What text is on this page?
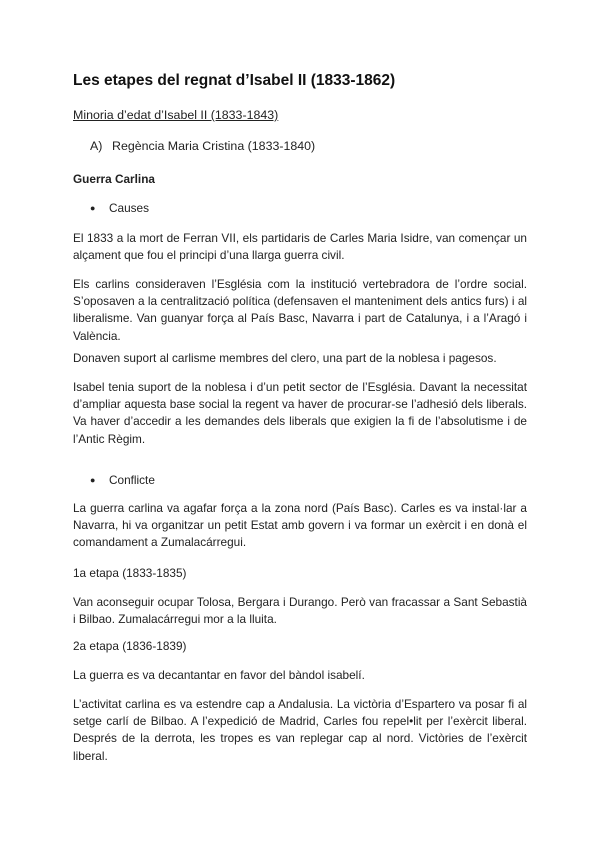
Les etapes del regnat d’Isabel II (1833-1862)
Minoria d’edat d’Isabel II (1833-1843)
A) Regència Maria Cristina (1833-1840)
Guerra Carlina
● Causes
El 1833 a la mort de Ferran VII, els partidaris de Carles Maria Isidre, van començar un alçament que fou el principi d’una llarga guerra civil.
Els carlins consideraven l’Església com la institució vertebradora de l’ordre social. S’oposaven a la centralització política (defensaven el manteniment dels antics furs) i al liberalisme. Van guanyar força al País Basc, Navarra i part de Catalunya, i a l’Aragó i València.
Donaven suport al carlisme membres del clero, una part de la noblesa i pagesos.
Isabel tenia suport de la noblesa i d’un petit sector de l’Església. Davant la necessitat d’ampliar aquesta base social la regent va haver de procurar-se l’adhesió dels liberals. Va haver d’accedir a les demandes dels liberals que exigien la fi de l’absolutisme i de l’Antic Règim.
● Conflicte
La guerra carlina va agafar força a la zona nord (País Basc). Carles es va instal·lar a Navarra, hi va organitzar un petit Estat amb govern i va formar un exèrcit i en donà el comandament a Zumalacárregui.
1a etapa (1833-1835)
Van aconseguir ocupar Tolosa, Bergara i Durango. Però van fracassar a Sant Sebastià i Bilbao. Zumalacárregui mor a la lluita.
2a etapa (1836-1839)
La guerra es va decantantar en favor del bàndol isabelí.
L’activitat carlina es va estendre cap a Andalusia. La victòria d’Espartero va posar fi al setge carlí de Bilbao. A l’expedició de Madrid, Carles fou repel•lit per l’exèrcit liberal. Després de la derrota, les tropes es van replegar cap al nord. Victòries de l’exèrcit liberal.
